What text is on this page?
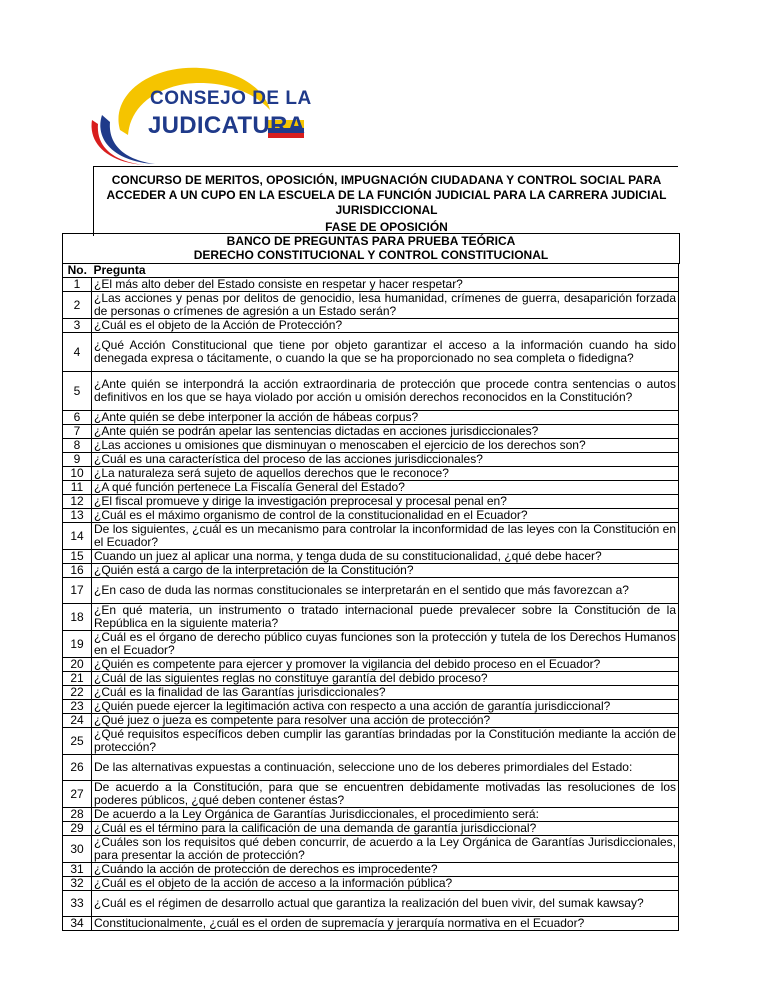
CONSEJO DE LA
JUDICATURA
CONCURSO DE MERITOS, OPOSICIÓN, IMPUGNACIÓN CIUDADANA Y CONTROL SOCIAL PARA ACCEDER A UN CUPO EN LA ESCUELA DE LA FUNCIÓN JUDICIAL PARA LA CARRERA JUDICIAL JURISDICCIONAL
FASE DE OPOSICIÓN
BANCO DE PREGUNTAS PARA PRUEBA TEÓRICA
DERECHO CONSTITUCIONAL Y CONTROL CONSTITUCIONAL
No.	Pregunta
1	¿El más alto deber del Estado consiste en respetar y hacer respetar?
2	¿Las acciones y penas por delitos de genocidio, lesa humanidad, crímenes de guerra, desaparición forzada de personas o crímenes de agresión a un Estado serán?
3	¿Cuál es el objeto de la Acción de Protección?
4	¿Qué Acción Constitucional que tiene por objeto garantizar el acceso a la información cuando ha sido denegada expresa o tácitamente, o cuando la que se ha proporcionado no sea completa o fidedigna?
5	¿Ante quién se interpondrá la acción extraordinaria de protección que procede contra sentencias o autos definitivos en los que se haya violado por acción u omisión derechos reconocidos en la Constitución?
6	¿Ante quién se debe interponer la acción de hábeas corpus?
7	¿Ante quién se podrán apelar las sentencias dictadas en acciones jurisdiccionales?
8	¿Las acciones u omisiones que disminuyan o menoscaben el ejercicio de los derechos son?
9	¿Cuál es una característica del proceso de las acciones jurisdiccionales?
10	¿La naturaleza será sujeto de aquellos derechos que le reconoce?
11	¿A qué función pertenece La Fiscalía General del Estado?
12	¿El fiscal promueve y dirige la investigación preprocesal y procesal penal en?
13	¿Cuál es el máximo organismo de control de la constitucionalidad en el Ecuador?
14	De los siguientes, ¿cuál es un mecanismo para controlar la inconformidad de las leyes con la Constitución en el Ecuador?
15	Cuando un juez al aplicar una norma, y tenga duda de su constitucionalidad, ¿qué debe hacer?
16	¿Quién está a cargo de la interpretación de la Constitución?
17	¿En caso de duda las normas constitucionales se interpretarán en el sentido que más favorezcan a?
18	¿En qué materia, un instrumento o tratado internacional puede prevalecer sobre la Constitución de la República en la siguiente materia?
19	¿Cuál es el órgano de derecho público cuyas funciones son la protección y tutela de los Derechos Humanos en el Ecuador?
20	¿Quién es competente para ejercer y promover la vigilancia del debido proceso en el Ecuador?
21	¿Cuál de las siguientes reglas no constituye garantía del debido proceso?
22	¿Cuál es la finalidad de las Garantías jurisdiccionales?
23	¿Quién puede ejercer la legitimación activa con respecto a una acción de garantía jurisdiccional?
24	¿Qué juez o jueza es competente para resolver una acción de protección?
25	¿Qué requisitos específicos deben cumplir las garantías brindadas por la Constitución mediante la acción de protección?
26	De las alternativas expuestas a continuación, seleccione uno de los deberes primordiales del Estado:
27	De acuerdo a la Constitución, para que se encuentren debidamente motivadas las resoluciones de los poderes públicos, ¿qué deben contener éstas?
28	De acuerdo a la Ley Orgánica de Garantías Jurisdiccionales, el procedimiento será:
29	¿Cuál es el término para la calificación de una demanda de garantía jurisdiccional?
30	¿Cuáles son los requisitos qué deben concurrir, de acuerdo a la Ley Orgánica de Garantías Jurisdiccionales, para presentar la acción de protección?
31	¿Cuándo la acción de protección de derechos es improcedente?
32	¿Cuál es el objeto de la acción de acceso a la información pública?
33	¿Cuál es el régimen de desarrollo actual que garantiza la realización del buen vivir, del sumak kawsay?
34	Constitucionalmente, ¿cuál es el orden de supremacía y jerarquía normativa en el Ecuador?
